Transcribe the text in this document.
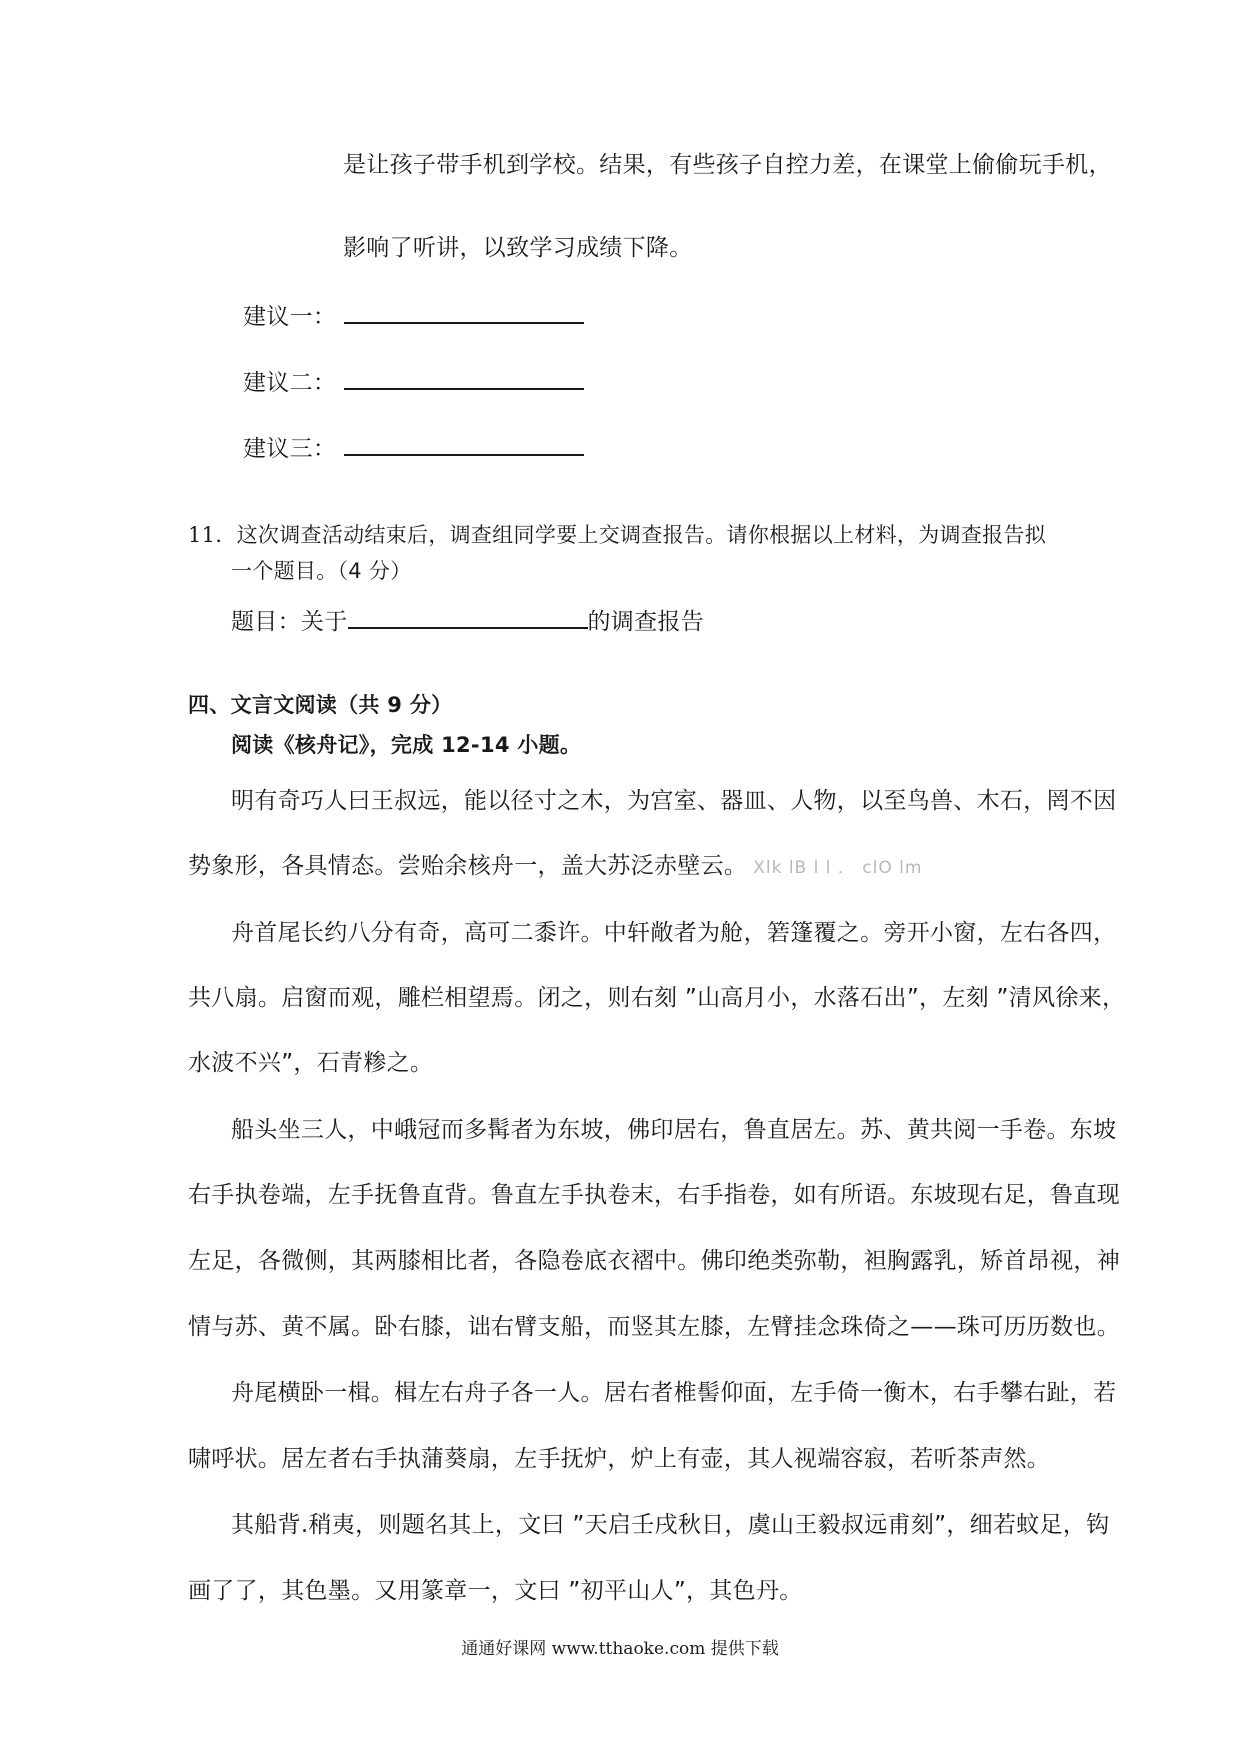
是让孩子带手机到学校。结果，有些孩子自控力差，在课堂上偷偷玩手机，
影响了听讲，以致学习成绩下降。
建议一：
建议二：
建议三：
11．这次调查活动结束后，调查组同学要上交调查报告。请你根据以上材料，为调查报告拟
一个题目。（4 分）
题目：关于	的调查报告
四、文言文阅读（共 9 分）
阅读《核舟记》，完成 12-14 小题。
明有奇巧人曰王叔远，能以径寸之木，为宫室、器皿、人物，以至鸟兽、木石，罔不因
势象形，各具情态。尝贻余核舟一，盖大苏泛赤壁云。 Xlk lB l l ． clO lm
舟首尾长约八分有奇，高可二黍许。中轩敞者为舱，箬篷覆之。旁开小窗，左右各四，
共八扇。启窗而观，雕栏相望焉。闭之，则右刻 ”山高月小，水落石出”，左刻 ”清风徐来，
水波不兴”，石青糁之。
船头坐三人，中峨冠而多髯者为东坡，佛印居右，鲁直居左。苏、黄共阅一手卷。东坡
右手执卷端，左手抚鲁直背。鲁直左手执卷末，右手指卷，如有所语。东坡现右足，鲁直现
左足，各微侧，其两膝相比者，各隐卷底衣褶中。佛印绝类弥勒，袒胸露乳，矫首昂视，神
情与苏、黄不属。卧右膝，诎右臂支船，而竖其左膝，左臂挂念珠倚之——珠可历历数也。
舟尾横卧一楫。楫左右舟子各一人。居右者椎髻仰面，左手倚一衡木，右手攀右趾，若
啸呼状。居左者右手执蒲葵扇，左手抚炉，炉上有壶，其人视端容寂，若听茶声然。
其船背.稍夷，则题名其上，文曰 ”天启壬戌秋日，虞山王毅叔远甫刻”，细若蚊足，钩
画了了，其色墨。又用篆章一，文曰 ”初平山人”，其色丹。
通通好课网 www.tthaoke.com 提供下载
